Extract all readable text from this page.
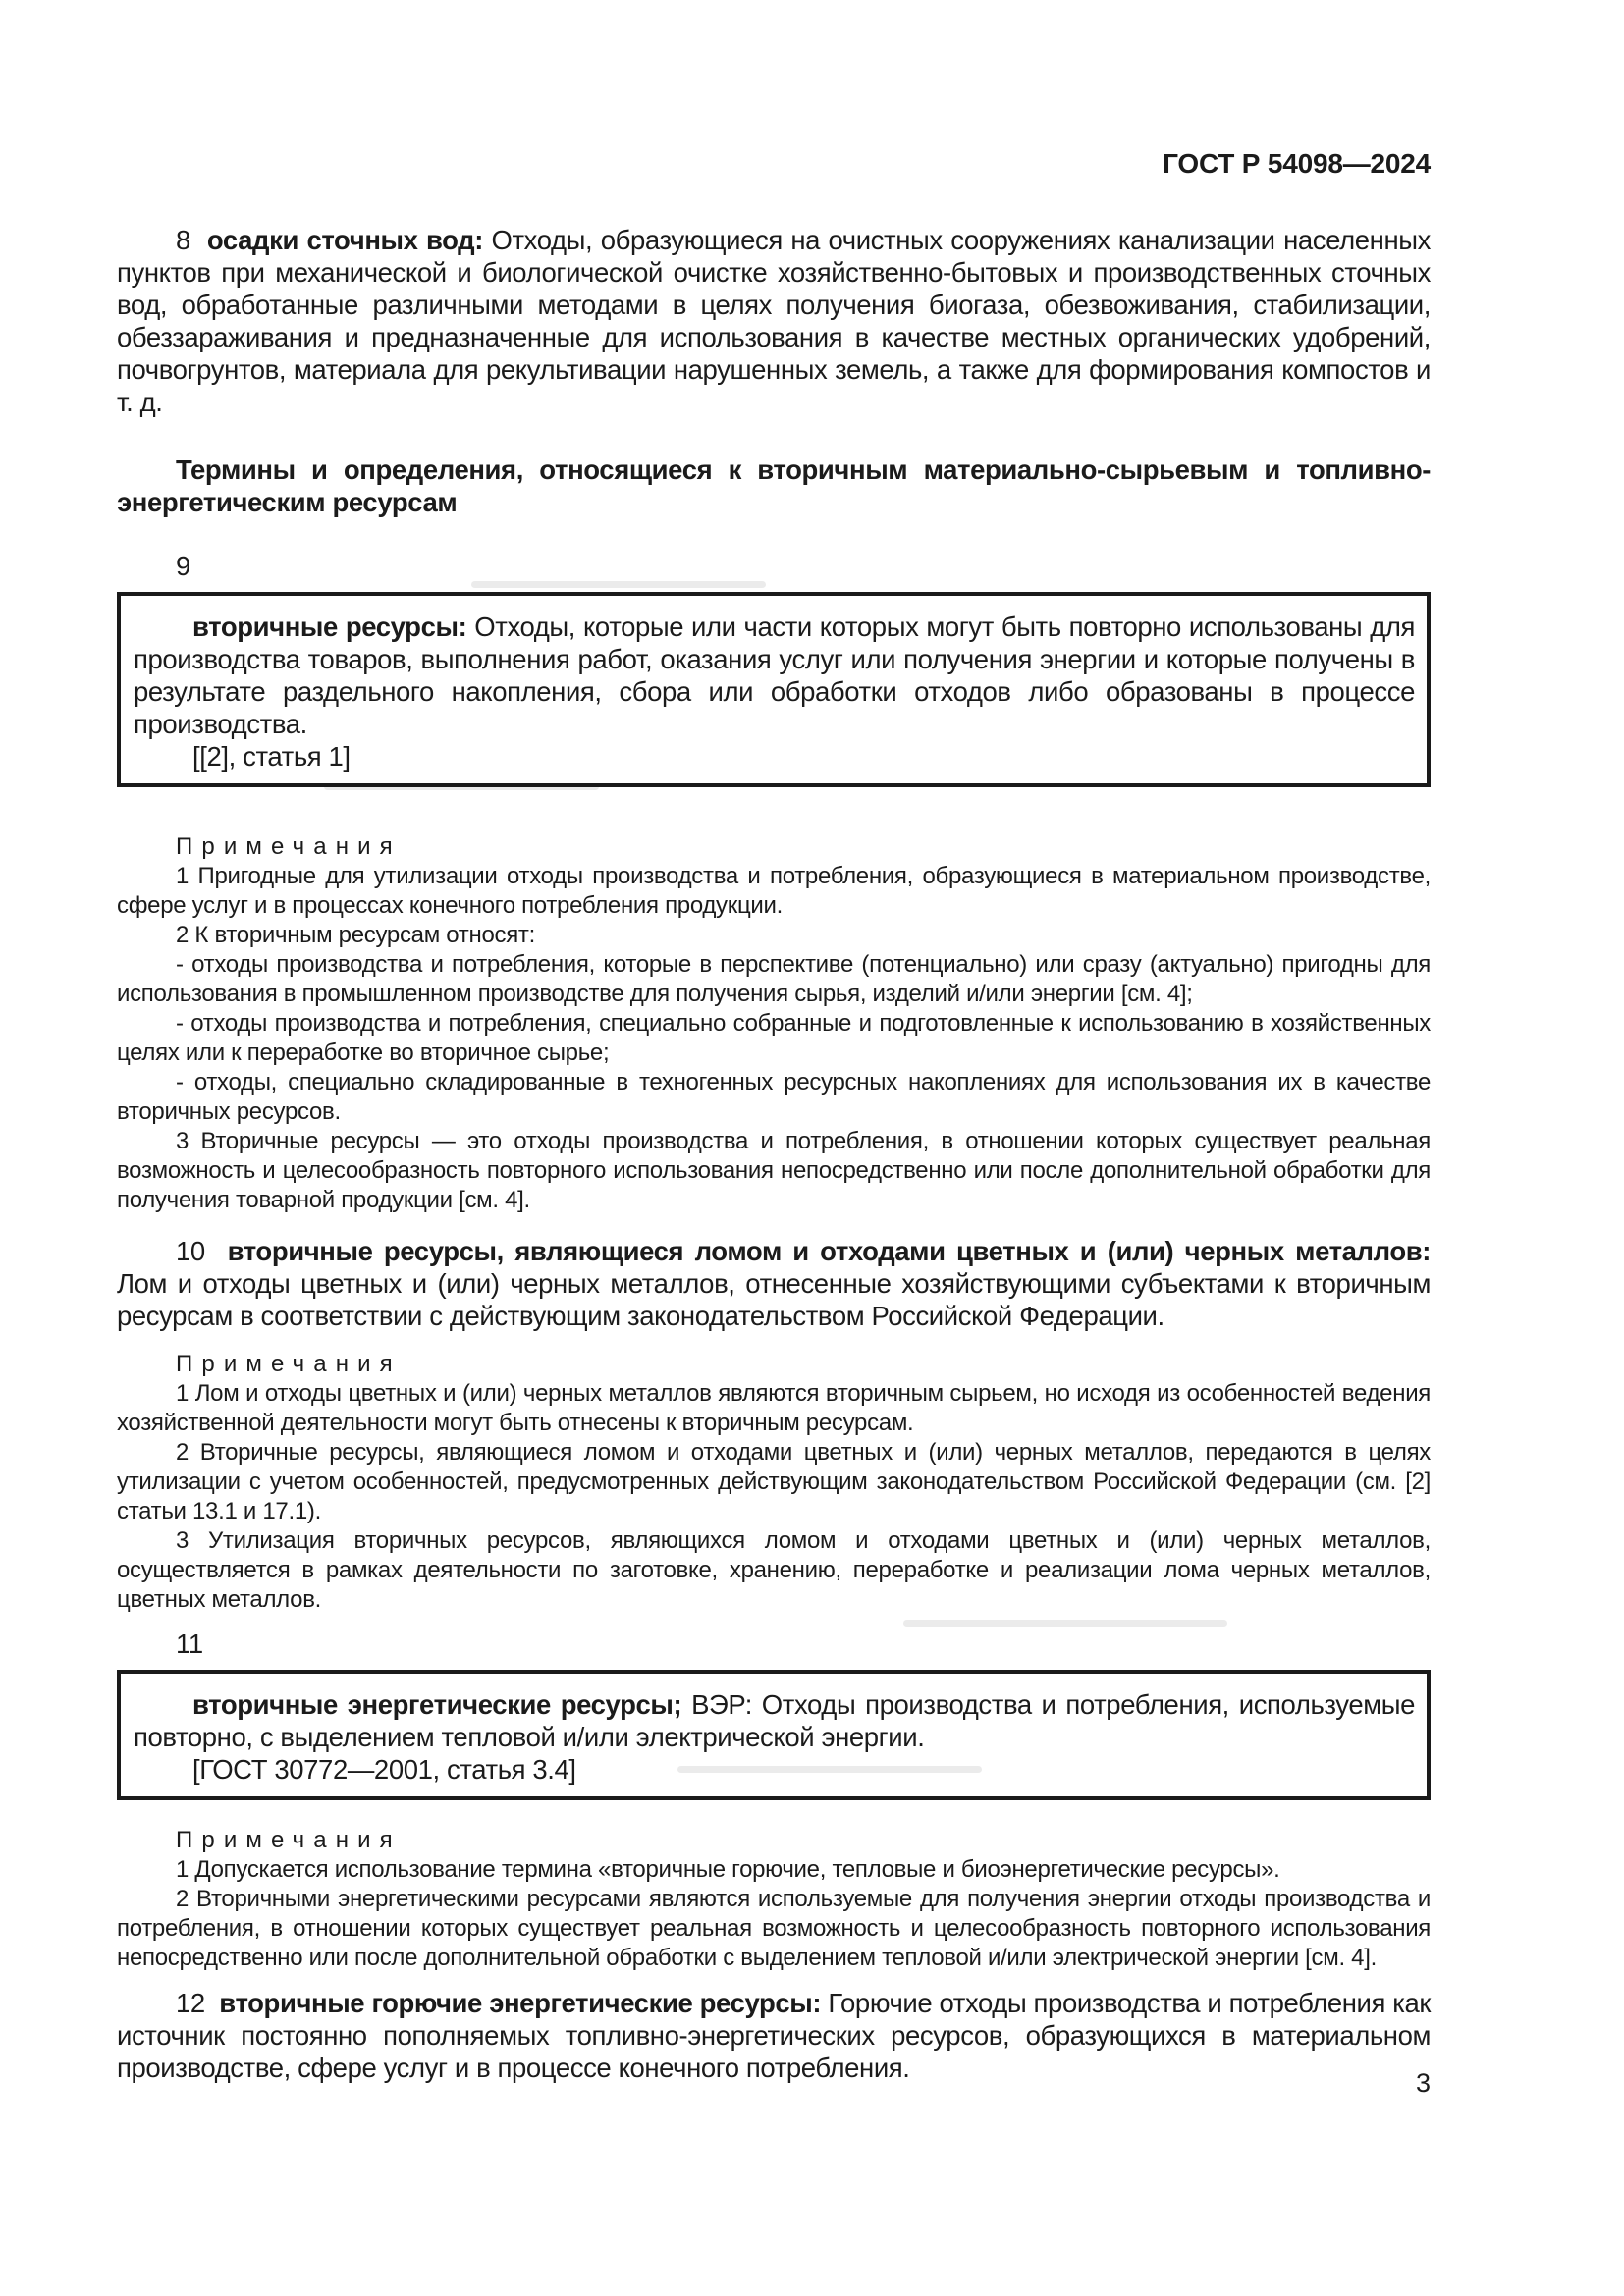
ГОСТ Р 54098—2024

8 осадки сточных вод: Отходы, образующиеся на очистных сооружениях канализации населенных пунктов при механической и биологической очистке хозяйственно-бытовых и производственных сточных вод, обработанные различными методами в целях получения биогаза, обезвоживания, стабилизации, обеззараживания и предназначенные для использования в качестве местных органических удобрений, почвогрунтов, материала для рекультивации нарушенных земель, а также для формирования компостов и т. д.

Термины и определения, относящиеся к вторичным материально-сырьевым и топливно-энергетическим ресурсам

9

вторичные ресурсы: Отходы, которые или части которых могут быть повторно использованы для производства товаров, выполнения работ, оказания услуг или получения энергии и которые получены в результате раздельного накопления, сбора или обработки отходов либо образованы в процессе производства.

[[2], статья 1]

Примечания

1 Пригодные для утилизации отходы производства и потребления, образующиеся в материальном производстве, сфере услуг и в процессах конечного потребления продукции.

2 К вторичным ресурсам относят:

- отходы производства и потребления, которые в перспективе (потенциально) или сразу (актуально) пригодны для использования в промышленном производстве для получения сырья, изделий и/или энергии [см. 4];

- отходы производства и потребления, специально собранные и подготовленные к использованию в хозяйственных целях или к переработке во вторичное сырье;

- отходы, специально складированные в техногенных ресурсных накоплениях для использования их в качестве вторичных ресурсов.

3 Вторичные ресурсы — это отходы производства и потребления, в отношении которых существует реальная возможность и целесообразность повторного использования непосредственно или после дополнительной обработки для получения товарной продукции [см. 4].

10 вторичные ресурсы, являющиеся ломом и отходами цветных и (или) черных металлов: Лом и отходы цветных и (или) черных металлов, отнесенные хозяйствующими субъектами к вторичным ресурсам в соответствии с действующим законодательством Российской Федерации.

Примечания

1 Лом и отходы цветных и (или) черных металлов являются вторичным сырьем, но исходя из особенностей ведения хозяйственной деятельности могут быть отнесены к вторичным ресурсам.

2 Вторичные ресурсы, являющиеся ломом и отходами цветных и (или) черных металлов, передаются в целях утилизации с учетом особенностей, предусмотренных действующим законодательством Российской Федерации (см. [2] статьи 13.1 и 17.1).

3 Утилизация вторичных ресурсов, являющихся ломом и отходами цветных и (или) черных металлов, осуществляется в рамках деятельности по заготовке, хранению, переработке и реализации лома черных металлов, цветных металлов.

11

вторичные энергетические ресурсы; ВЭР: Отходы производства и потребления, используемые повторно, с выделением тепловой и/или электрической энергии.

[ГОСТ 30772—2001, статья 3.4]

Примечания

1 Допускается использование термина «вторичные горючие, тепловые и биоэнергетические ресурсы».

2 Вторичными энергетическими ресурсами являются используемые для получения энергии отходы производства и потребления, в отношении которых существует реальная возможность и целесообразность повторного использования непосредственно или после дополнительной обработки с выделением тепловой и/или электрической энергии [см. 4].

12 вторичные горючие энергетические ресурсы: Горючие отходы производства и потребления как источник постоянно пополняемых топливно-энергетических ресурсов, образующихся в материальном производстве, сфере услуг и в процессе конечного потребления.	3
